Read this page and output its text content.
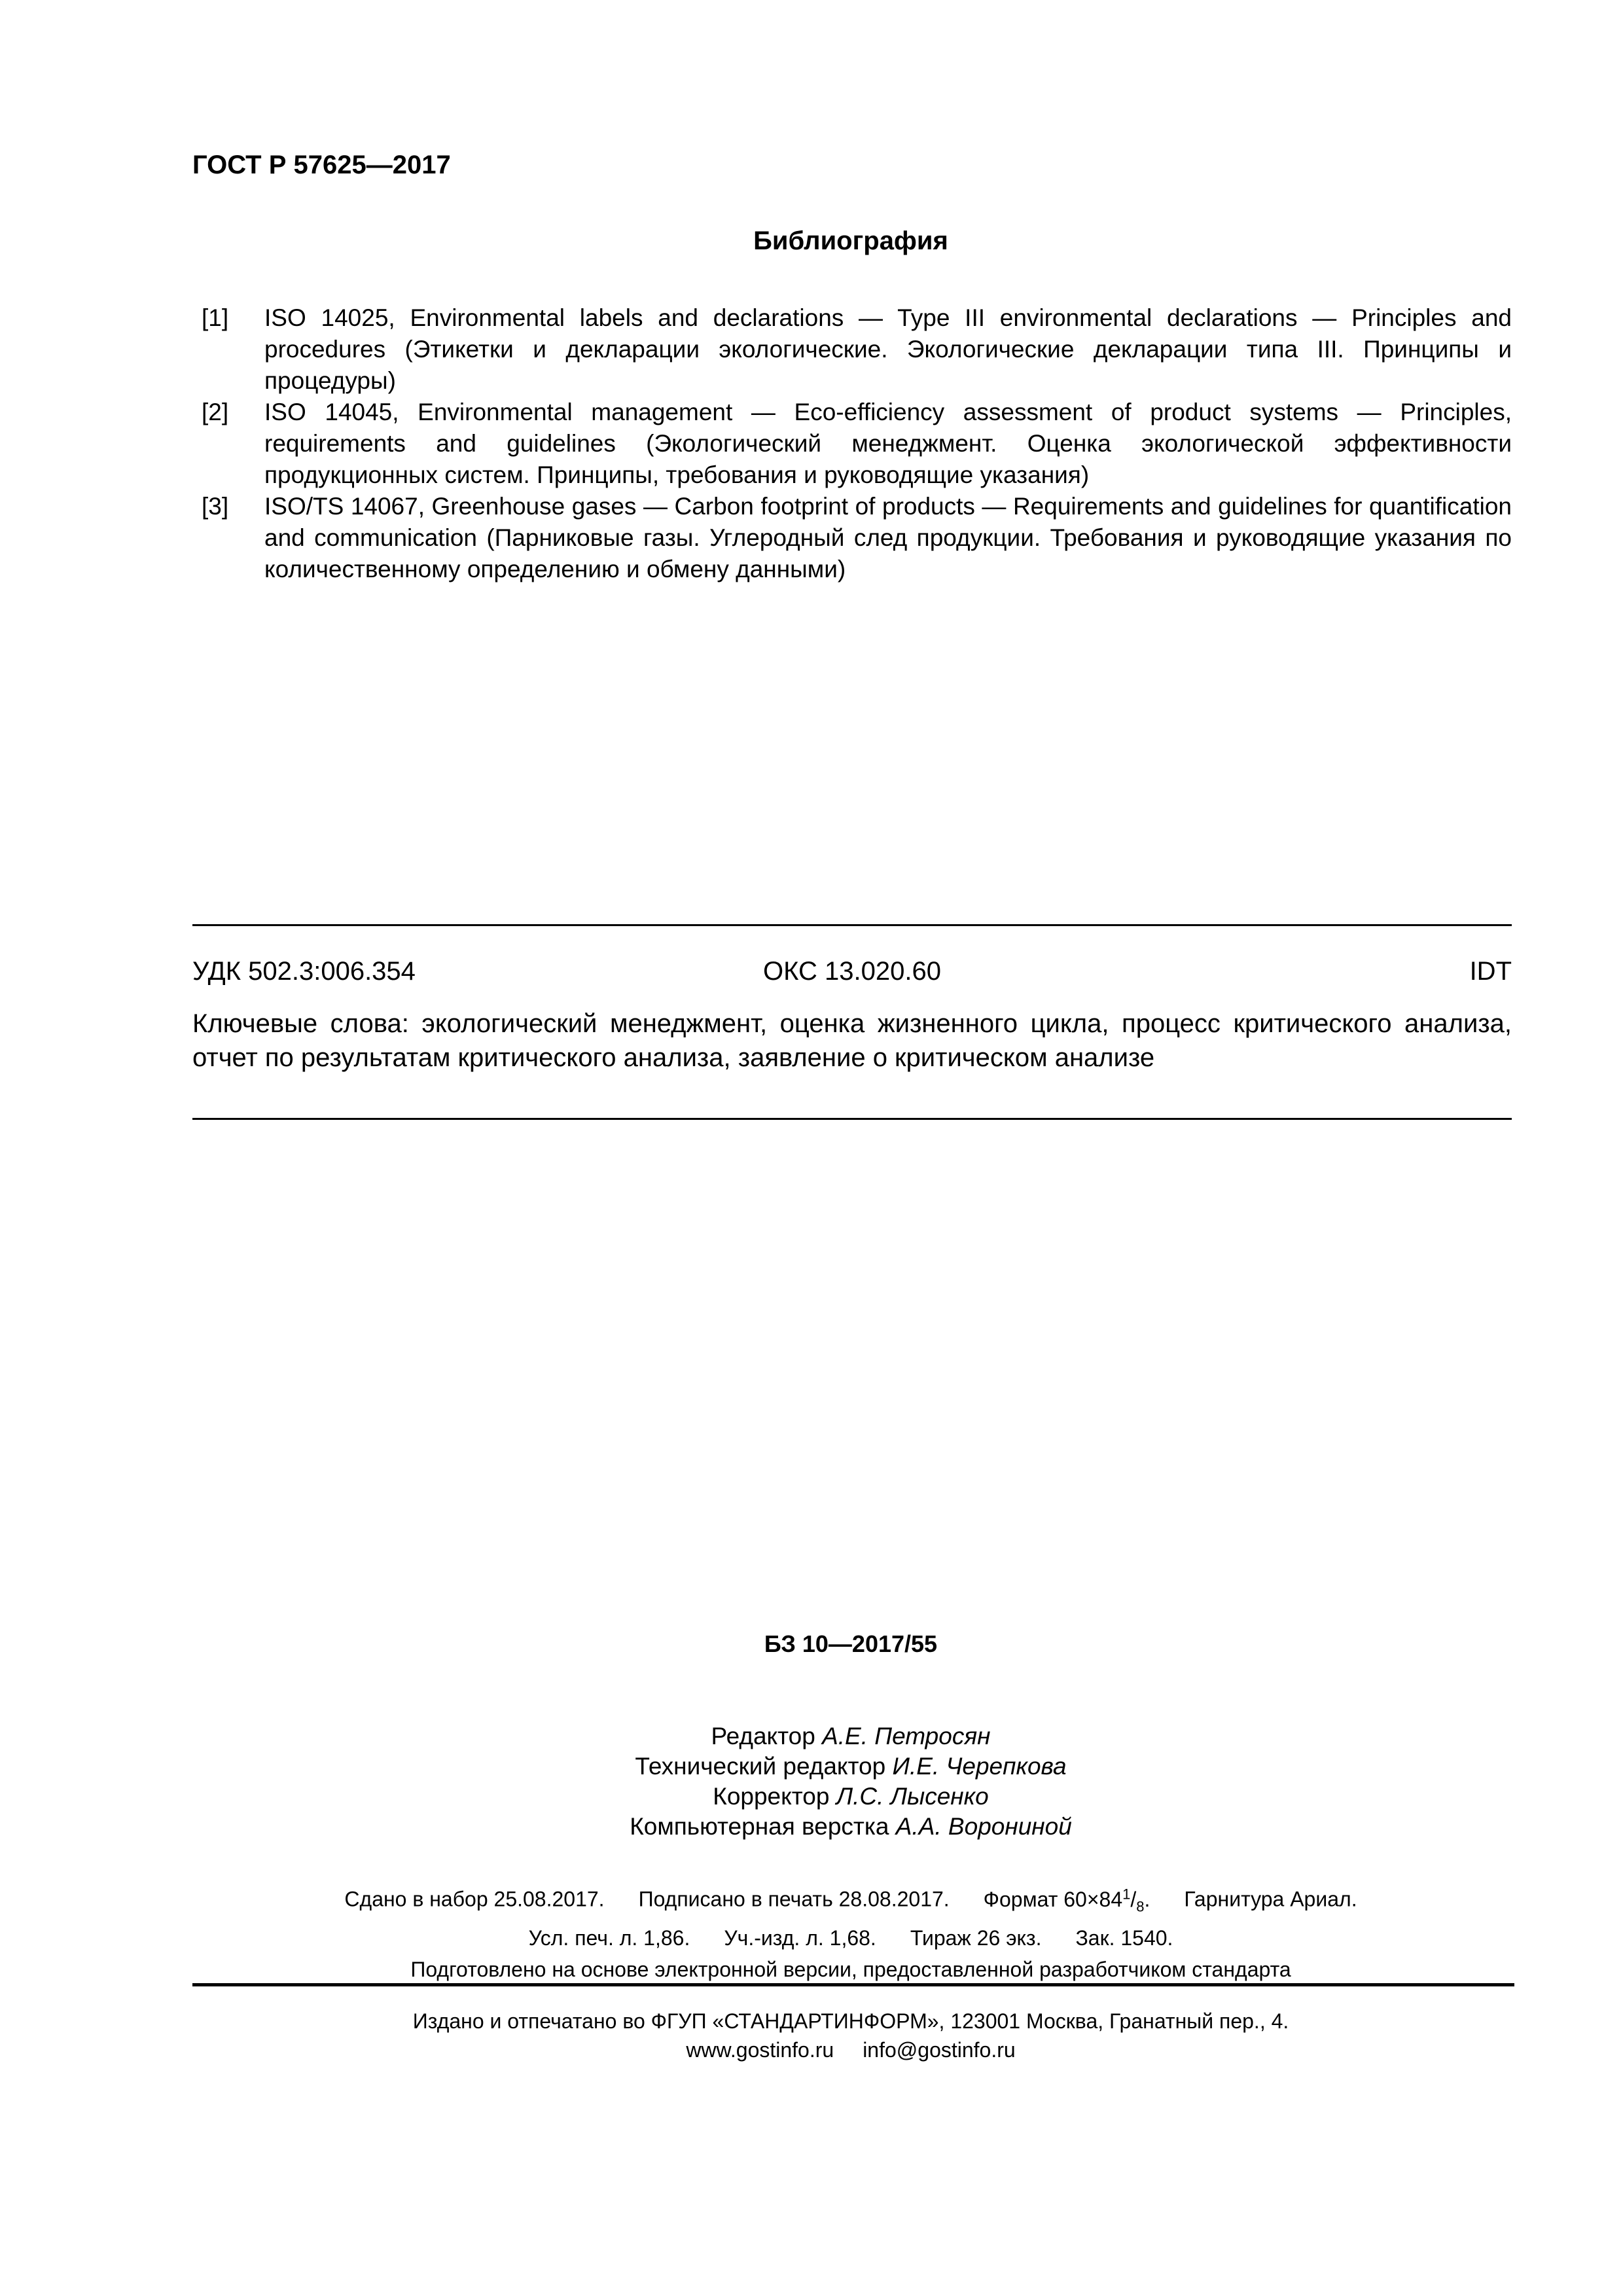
ГОСТ Р 57625—2017
Библиография
[1]	ISO 14025, Environmental labels and declarations — Type III environmental declarations — Principles and procedures (Этикетки и декларации экологические. Экологические декларации типа III. Принципы и процедуры)
[2]	ISO 14045, Environmental management — Eco-efficiency assessment of product systems — Principles, requirements and guidelines (Экологический менеджмент. Оценка экологической эффективности продукционных систем. Принципы, требования и руководящие указания)
[3]	ISO/TS 14067, Greenhouse gases — Carbon footprint of products — Requirements and guidelines for quantification and communication (Парниковые газы. Углеродный след продукции. Требования и руководящие указания по количественному определению и обмену данными)
УДК 502.3:006.354	ОКС 13.020.60	IDT
Ключевые слова: экологический менеджмент, оценка жизненного цикла, процесс критического анализа,
отчет по результатам критического анализа, заявление о критическом анализе
БЗ 10—2017/55
Редактор А.Е. Петросян
Технический редактор И.Е. Черепкова
Корректор Л.С. Лысенко
Компьютерная верстка А.А. Ворониной
Сдано в набор 25.08.2017. Подписано в печать 28.08.2017. Формат $60\times 84^1/_8$. Гарнитура Ариал.
Усл. печ. л. 1,86. Уч.-изд. л. 1,68. Тираж 26 экз. Зак. 1540.
Подготовлено на основе электронной версии, предоставленной разработчиком стандарта
Издано и отпечатано во ФГУП «СТАНДАРТИНФОРМ», 123001 Москва, Гранатный пер., 4.
www.gostinfo.ru info@gostinfo.ru
